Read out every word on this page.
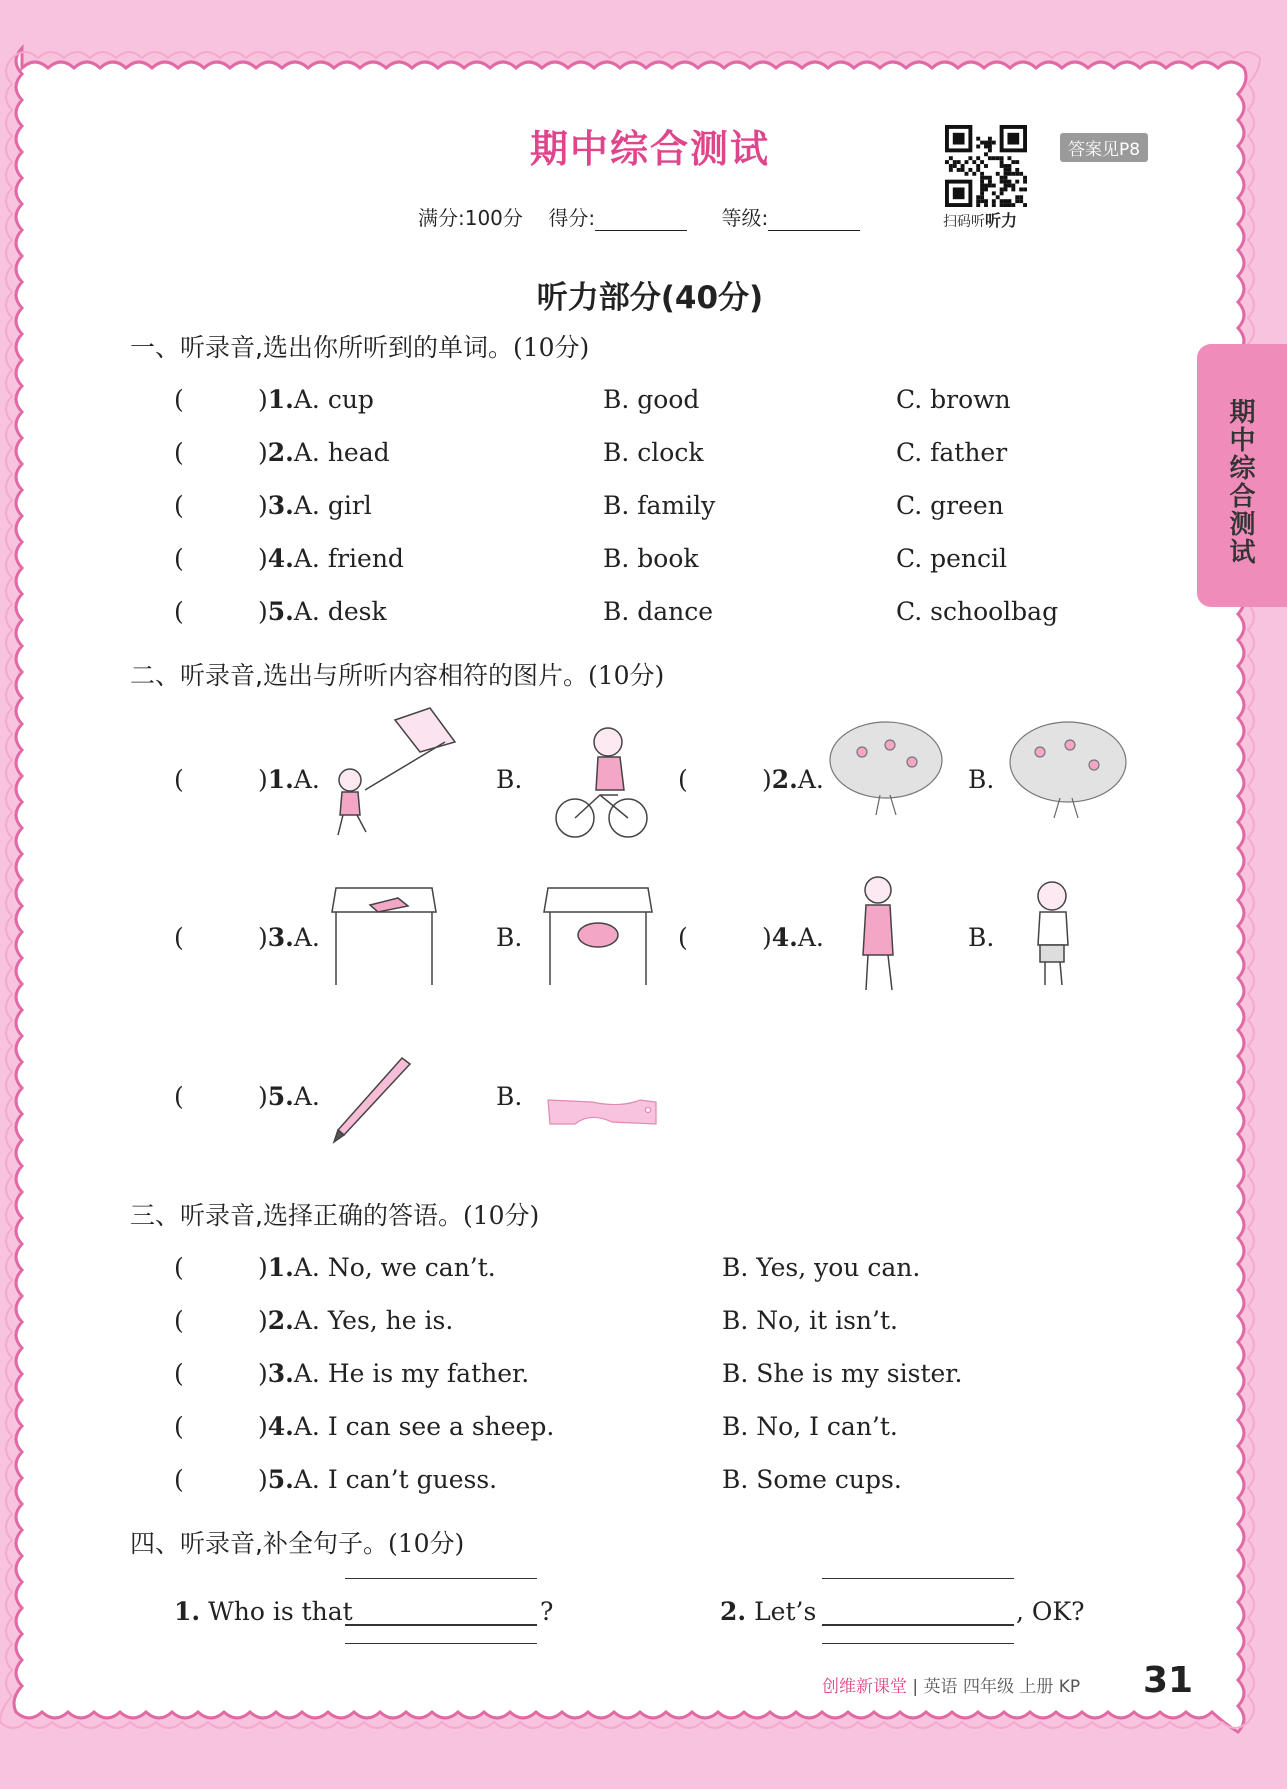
期中综合测试
扫码听听力
答案见P8
满分:100分 得分:	等级:
期中综合测试
听力部分(40分)
一、听录音,选出你所听到的单词。(10分)
二、听录音,选出与所听内容相符的图片。(10分)
三、听录音,选择正确的答语。(10分)
四、听录音,补全句子。(10分)
1. Who is that	?	2. Let’s	, OK?
创维新课堂 | 英语 四年级 上册 KP 31
(	)1.A. cup	B. good	C. brown
(	)2.A. head	B. clock	C. father
(	)3.A. girl	B. family	C. green
(	)4.A. friend	B. book	C. pencil
(	)5.A. desk	B. dance	C. schoolbag
(	)1.A.	B.	(	)2.A.	B.
(	)3.A.	B.	(	)4.A.	B.
(	)5.A.	B.
(	)1.A. No, we can’t.	B. Yes, you can.
(	)2.A. Yes, he is.	B. No, it isn’t.
(	)3.A. He is my father.	B. She is my sister.
(	)4.A. I can see a sheep.	B. No, I can’t.
(	)5.A. I can’t guess.	B. Some cups.
